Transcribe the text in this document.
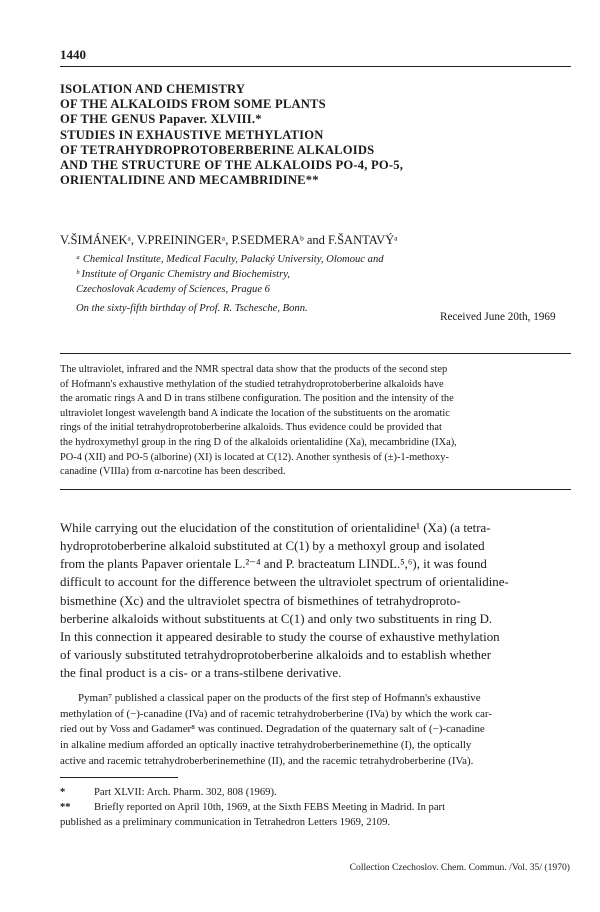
1440
ISOLATION AND CHEMISTRY
OF THE ALKALOIDS FROM SOME PLANTS
OF THE GENUS Papaver. XLVIII.*
STUDIES IN EXHAUSTIVE METHYLATION
OF TETRAHYDROPROTOBERBERINE ALKALOIDS
AND THE STRUCTURE OF THE ALKALOIDS PO-4, PO-5,
ORIENTALIDINE AND MECAMBRIDINE**
V.ŠIMÁNEKᵃ, V.PREININGERᵃ, P.SEDMERAᵇ and F.ŠANTAVÝᵃ
ᵃ Chemical Institute, Medical Faculty, Palacký University, Olomouc and
ᵇ Institute of Organic Chemistry and Biochemistry,
Czechoslovak Academy of Sciences, Prague 6
On the sixty-fifth birthday of Prof. R. Tschesche, Bonn.
Received June 20th, 1969
The ultraviolet, infrared and the NMR spectral data show that the products of the second step
of Hofmann's exhaustive methylation of the studied tetrahydroprotoberberine alkaloids have
the aromatic rings A and D in trans stilbene configuration. The position and the intensity of the
ultraviolet longest wavelength band A indicate the location of the substituents on the aromatic
rings of the initial tetrahydroprotoberberine alkaloids. Thus evidence could be provided that
the hydroxymethyl group in the ring D of the alkaloids orientalidine (Xa), mecambridine (IXa),
PO-4 (XII) and PO-5 (alborine) (XI) is located at C(12). Another synthesis of (±)-1-methoxy-
canadine (VIIIa) from α-narcotine has been described.
While carrying out the elucidation of the constitution of orientalidine¹ (Xa) (a tetra-
hydroprotoberberine alkaloid substituted at C(1) by a methoxyl group and isolated
from the plants Papaver orientale L.²⁻⁴ and P. bracteatum LINDL.⁵,⁶), it was found
difficult to account for the difference between the ultraviolet spectrum of orientalidine-
bismethine (Xc) and the ultraviolet spectra of bismethines of tetrahydroproto-
berberine alkaloids without substituents at C(1) and only two substituents in ring D.
In this connection it appeared desirable to study the course of exhaustive methylation
of variously substituted tetrahydroprotoberberine alkaloids and to establish whether
the final product is a cis- or a trans-stilbene derivative.
Pyman⁷ published a classical paper on the products of the first step of Hofmann's exhaustive
methylation of (−)-canadine (IVa) and of racemic tetrahydroberberine (IVa) by which the work car-
ried out by Voss and Gadamer⁸ was continued. Degradation of the quaternary salt of (−)-canadine
in alkaline medium afforded an optically inactive tetrahydroberberinemethine (I), the optically
active and racemic tetrahydroberberinemethine (II), and the racemic tetrahydroberberine (IVa).
*	Part XLVII: Arch. Pharm. 302, 808 (1969).
** Briefly reported on April 10th, 1969, at the Sixth FEBS Meeting in Madrid. In part
published as a preliminary communication in Tetrahedron Letters 1969, 2109.
Collection Czechoslov. Chem. Commun. /Vol. 35/ (1970)
